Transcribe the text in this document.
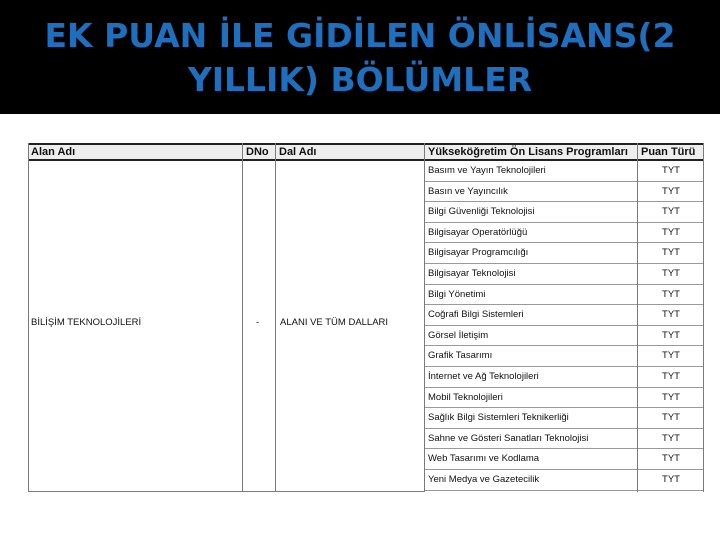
EK PUAN İLE GİDİLEN ÖNLİSANS(2
YILLIK) BÖLÜMLER
Alan Adı	DNo Dal Adı	Yükseköğretim Ön Lisans Programları	Puan Türü
BİLİŞİM TEKNOLOJİLERİ	- ALANI VE TÜM DALLARI
Basım ve Yayın Teknolojileri	TYT
Basın ve Yayıncılık	TYT
Bilgi Güvenliği Teknolojisi	TYT
Bilgisayar Operatörlüğü	TYT
Bilgisayar Programcılığı	TYT
Bilgisayar Teknolojisi	TYT
Bilgi Yönetimi	TYT
Coğrafi Bilgi Sistemleri	TYT
Görsel İletişim	TYT
Grafik Tasarımı	TYT
İnternet ve Ağ Teknolojileri	TYT
Mobil Teknolojileri	TYT
Sağlık Bilgi Sistemleri Teknikerliği	TYT
Sahne ve Gösteri Sanatları Teknolojisi	TYT
Web Tasarımı ve Kodlama	TYT
Yeni Medya ve Gazetecilik	TYT
